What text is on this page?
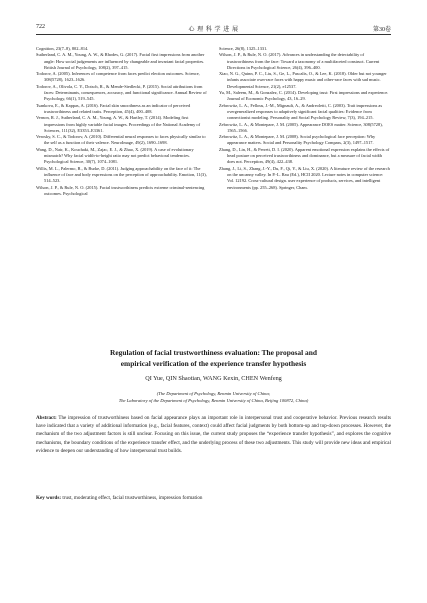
722	心 理 科 学 进 展	第30卷

Cognition, 23(7–8), 802–814.

Sutherland, C. A. M., Young, A. W., & Rhodes, G. (2017). Facial first impressions from another angle: How social judgements are influenced by changeable and invariant facial properties. British Journal of Psychology, 108(2), 397–415.

Todorov, A. (2005). Inferences of competence from faces predict election outcomes. Science, 308(5728), 1623–1626.

Todorov, A., Olivola, C. Y., Dotsch, R., & Mende-Siedlecki, P. (2015). Social attributions from faces: Determinants, consequences, accuracy, and functional significance. Annual Review of Psychology, 66(1), 519–545.

Tsankova, E., & Kappas, A. (2016). Facial skin smoothness as an indicator of perceived trustworthiness and related traits. Perception, 45(4), 400–408.

Vernon, R. J., Sutherland, C. A. M., Young, A. W., & Hartley, T. (2014). Modeling first impressions from highly variable facial images. Proceedings of the National Academy of Sciences, 111(32), E3353–E3361.

Verosky, S. C., & Todorov, A. (2010). Differential neural responses to faces physically similar to the self as a function of their valence. NeuroImage, 49(2), 1690–1698.

Wang, D., Nair, K., Kouchaki, M., Zajac, E. J., & Zhao, X. (2019). A case of evolutionary mismatch? Why facial width-to-height ratio may not predict behavioral tendencies. Psychological Science, 30(7), 1074–1081.

Willis, M. L., Palermo, R., & Burke, D. (2011). Judging approachability on the face of it: The influence of face and body expressions on the perception of approachability. Emotion, 11(3), 514–523.

Wilson, J. P., & Rule, N. O. (2015). Facial trustworthiness predicts extreme criminal-sentencing outcomes. Psychological

Science, 26(8), 1325–1331.

Wilson, J. P., & Rule, N. O. (2017). Advances in understanding the detectability of trustworthiness from the face: Toward a taxonomy of a multifaceted construct. Current Directions in Psychological Science, 26(4), 396–400.

Xiao, N. G., Quinn, P. C., Liu, S., Ge, L., Pascalis, O., & Lee, K. (2018). Older but not younger infants associate own-race faces with happy music and other-race faces with sad music. Developmental Science, 21(2), e12537.

Yu, M., Saleem, M., & Gonzalez, C. (2014). Developing trust: First impressions and experience. Journal of Economic Psychology, 43, 16–29.

Zebrowitz, L. A., Fellous, J.-M., Mignault, A., & Andreoletti, C. (2003). Trait impressions as overgeneralized responses to adaptively significant facial qualities: Evidence from connectionist modeling. Personality and Social Psychology Review, 7(3), 194–215.

Zebrowitz, L. A., & Montepare, J. M. (2005). Appearance DOES matter. Science, 308(5728), 1565–1566.

Zebrowitz, L. A., & Montepare, J. M. (2008). Social psychological face perception: Why appearance matters. Social and Personality Psychology Compass, 2(3), 1497–1517.

Zhang, D., Lin, H., & Perrett, D. I. (2020). Apparent emotional expression explains the effects of head posture on perceived trustworthiness and dominance, but a measure of facial width does not. Perception, 49(4), 422–438.

Zhang, J., Li, S., Zhang, J.-Y., Du, F., Qi, Y., & Liu, X. (2020). A literature review of the research on the uncanny valley. In P.-L. Rau (Ed.), HCII 2020. Lecture notes in computer science: Vol. 12192. Cross-cultural design. user experience of products, services, and intelligent environments (pp. 255–268). Springer, Cham.

Regulation of facial trustworthiness evaluation: The proposal and
empirical verification of the experience transfer hypothesis
QI Yue, QIN Shaotian, WANG Kexin, CHEN Wenfeng
(The Department of Psychology, Renmin University of China;
The Laboratory of the Department of Psychology, Renmin University of China, Beijing 100872, China)
Abstract: The impression of trustworthiness based on facial appearance plays an important role in interpersonal trust and cooperative behavior. Previous research results have indicated that a variety of additional information (e.g., facial features, context) could affect facial judgments by both bottom-up and top-down processes. However, the mechanism of the two adjustment factors is still unclear. Focusing on this issue, the current study proposes the “experience transfer hypothesis”, and explores the cognitive mechanisms, the boundary conditions of the experience transfer effect, and the underlying process of these two adjustments. This study will provide new ideas and empirical evidence to deepen our understanding of how interpersonal trust builds.
Key words: trust, moderating effect, facial trustworthiness, impression formation
